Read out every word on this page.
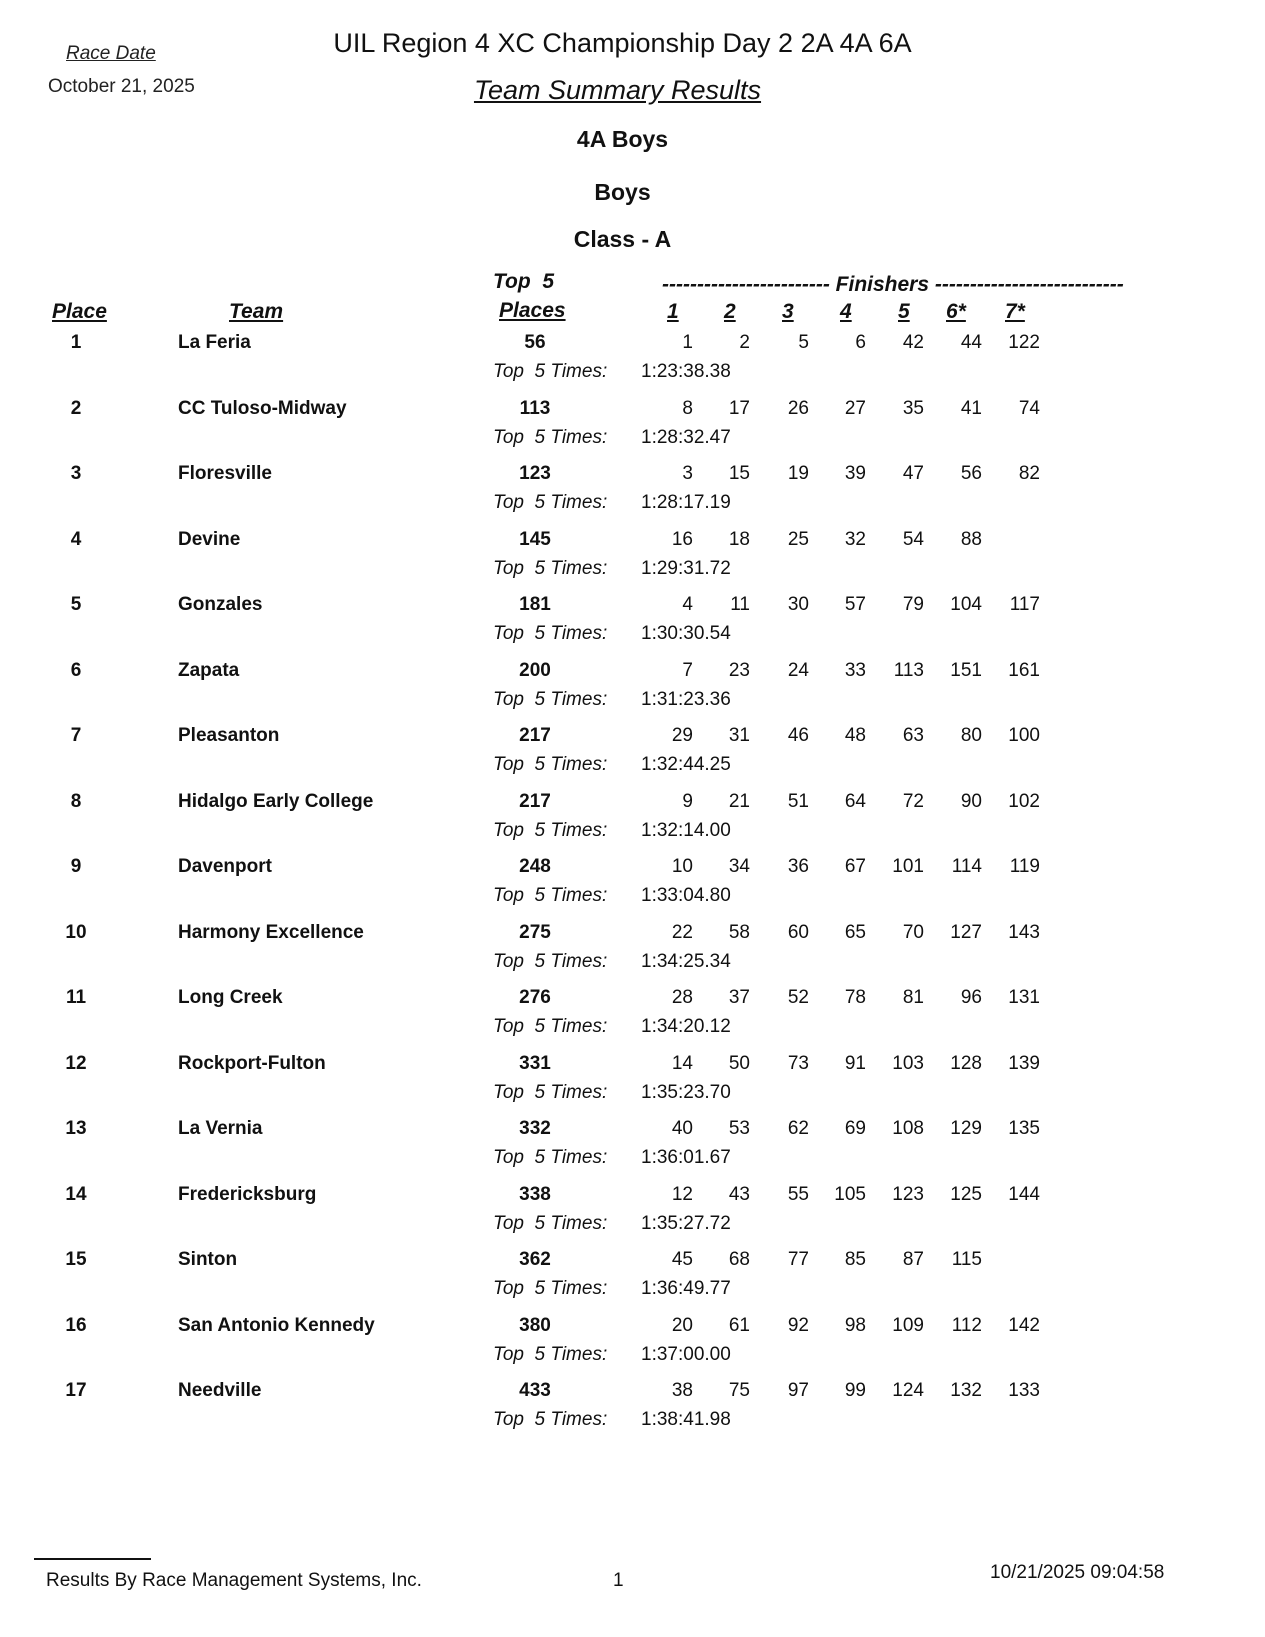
Race Date
October 21, 2025
UIL Region 4 XC Championship Day 2 2A 4A 6A
Team Summary Results
4A Boys
Boys
Class - A
Place	Team
Top  5
Places
------------------------ Finishers ---------------------------
1 2 3 4 5 6* 7*
1	La Feria	56	1	2	5	6	42	44	122
Top  5 Times: 1:23:38.38
2	CC Tuloso-Midway	113	8	17	26	27	35	41	74
Top  5 Times: 1:28:32.47
3	Floresville	123	3	15	19	39	47	56	82
Top  5 Times: 1:28:17.19
4	Devine	145	16	18	25	32	54	88
Top  5 Times: 1:29:31.72
5	Gonzales	181	4	11	30	57	79	104	117
Top  5 Times: 1:30:30.54
6	Zapata	200	7	23	24	33	113	151	161
Top  5 Times: 1:31:23.36
7	Pleasanton	217	29	31	46	48	63	80	100
Top  5 Times: 1:32:44.25
8	Hidalgo Early College	217	9	21	51	64	72	90	102
Top  5 Times: 1:32:14.00
9	Davenport	248	10	34	36	67	101	114	119
Top  5 Times: 1:33:04.80
10	Harmony Excellence	275	22	58	60	65	70	127	143
Top  5 Times: 1:34:25.34
11	Long Creek	276	28	37	52	78	81	96	131
Top  5 Times: 1:34:20.12
12	Rockport-Fulton	331	14	50	73	91	103	128	139
Top  5 Times: 1:35:23.70
13	La Vernia	332	40	53	62	69	108	129	135
Top  5 Times: 1:36:01.67
14	Fredericksburg	338	12	43	55	105	123	125	144
Top  5 Times: 1:35:27.72
15	Sinton	362	45	68	77	85	87	115
Top  5 Times: 1:36:49.77
16	San Antonio Kennedy	380	20	61	92	98	109	112	142
Top  5 Times: 1:37:00.00
17	Needville	433	38	75	97	99	124	132	133
Top  5 Times: 1:38:41.98
Results By Race Management Systems, Inc.	1	10/21/2025 09:04:58
